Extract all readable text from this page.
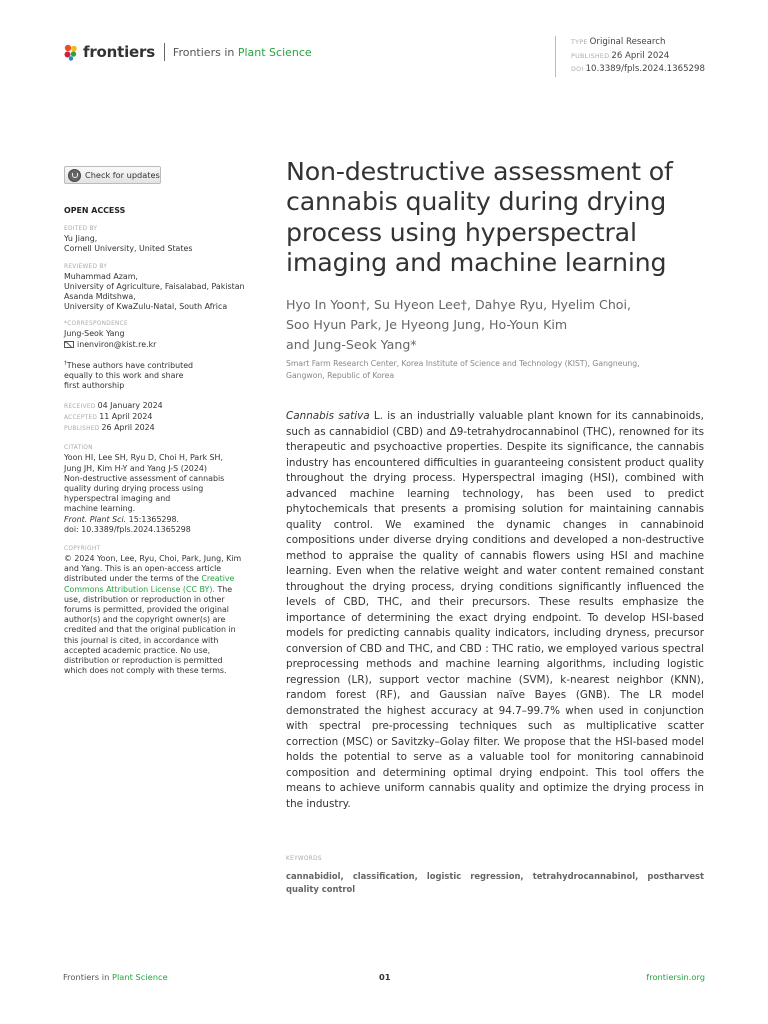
frontiers Frontiers in Plant Science
TYPE Original Research
PUBLISHED 26 April 2024
DOI 10.3389/fpls.2024.1365298
Check for updates
OPEN ACCESS
EDITED BY
Yu Jiang,
Cornell University, United States
REVIEWED BY
Muhammad Azam,
University of Agriculture, Faisalabad, Pakistan
Asanda Mditshwa,
University of KwaZulu-Natal, South Africa
*CORRESPONDENCE
Jung-Seok Yang
inenviron@kist.re.kr
†These authors have contributed
equally to this work and share
first authorship
RECEIVED 04 January 2024
ACCEPTED 11 April 2024
PUBLISHED 26 April 2024
CITATION
Yoon HI, Lee SH, Ryu D, Choi H, Park SH,
Jung JH, Kim H-Y and Yang J-S (2024)
Non-destructive assessment of cannabis
quality during drying process using
hyperspectral imaging and
machine learning.
Front. Plant Sci. 15:1365298.
doi: 10.3389/fpls.2024.1365298
COPYRIGHT
© 2024 Yoon, Lee, Ryu, Choi, Park, Jung, Kim
and Yang. This is an open-access article
distributed under the terms of the Creative
Commons Attribution License (CC BY). The
use, distribution or reproduction in other
forums is permitted, provided the original
author(s) and the copyright owner(s) are
credited and that the original publication in
this journal is cited, in accordance with
accepted academic practice. No use,
distribution or reproduction is permitted
which does not comply with these terms.
Non-destructive assessment of
cannabis quality during drying
process using hyperspectral
imaging and machine learning
Hyo In Yoon†, Su Hyeon Lee†, Dahye Ryu, Hyelim Choi,
Soo Hyun Park, Je Hyeong Jung, Ho-Youn Kim
and Jung-Seok Yang*
Smart Farm Research Center, Korea Institute of Science and Technology (KIST), Gangneung,
Gangwon, Republic of Korea
Cannabis sativa L. is an industrially valuable plant known for its cannabinoids, such as cannabidiol (CBD) and Δ9-tetrahydrocannabinol (THC), renowned for its therapeutic and psychoactive properties. Despite its significance, the cannabis industry has encountered difficulties in guaranteeing consistent product quality throughout the drying process. Hyperspectral imaging (HSI), combined with advanced machine learning technology, has been used to predict phytochemicals that presents a promising solution for maintaining cannabis quality control. We examined the dynamic changes in cannabinoid compositions under diverse drying conditions and developed a non-destructive method to appraise the quality of cannabis flowers using HSI and machine learning. Even when the relative weight and water content remained constant throughout the drying process, drying conditions significantly influenced the levels of CBD, THC, and their precursors. These results emphasize the importance of determining the exact drying endpoint. To develop HSI-based models for predicting cannabis quality indicators, including dryness, precursor conversion of CBD and THC, and CBD : THC ratio, we employed various spectral preprocessing methods and machine learning algorithms, including logistic regression (LR), support vector machine (SVM), k-nearest neighbor (KNN), random forest (RF), and Gaussian naïve Bayes (GNB). The LR model demonstrated the highest accuracy at 94.7–99.7% when used in conjunction with spectral pre-processing techniques such as multiplicative scatter correction (MSC) or Savitzky–Golay filter. We propose that the HSI-based model holds the potential to serve as a valuable tool for monitoring cannabinoid composition and determining optimal drying endpoint. This tool offers the means to achieve uniform cannabis quality and optimize the drying process in the industry.
KEYWORDS
cannabidiol, classification, logistic regression, tetrahydrocannabinol, postharvest quality control
Frontiers in Plant Science	01	frontiersin.org
